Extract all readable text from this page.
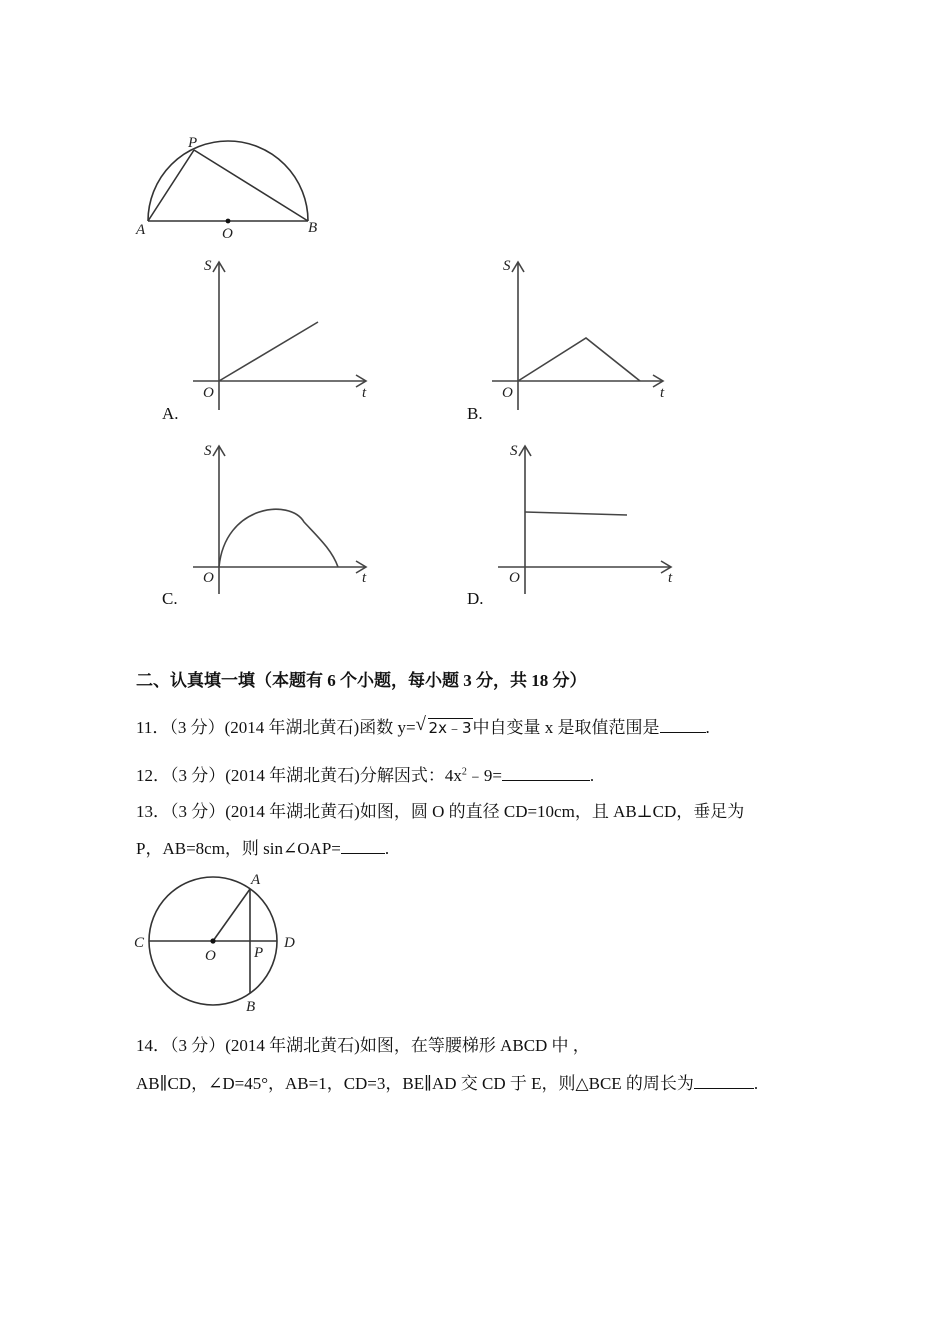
P
A	O	B
S
t
O
A.
S
t
O
B.
S
t
O
C.
S
t
O
D.
二、认真填一填（本题有 6 个小题，每小题 3 分，共 18 分）
11．（3 分）(2014 年湖北黄石)函数 y= √ 2x﹣3中自变量 x 是取值范围是	.
12．（3 分）(2014 年湖北黄石)分解因式：$4x^2﹣9=$	.
13．（3 分）(2014 年湖北黄石)如图，圆 O 的直径 CD=10cm，且 AB⊥CD，垂足为
P，AB=8cm，则 sin∠OAP=	.
A
C
O	P
D
B
14．（3 分）(2014 年湖北黄石)如图，在等腰梯形 ABCD 中 ，
AB∥CD，∠D=45°，AB=1，CD=3，BE∥AD 交 CD 于 E，则△BCE 的周长为	.
